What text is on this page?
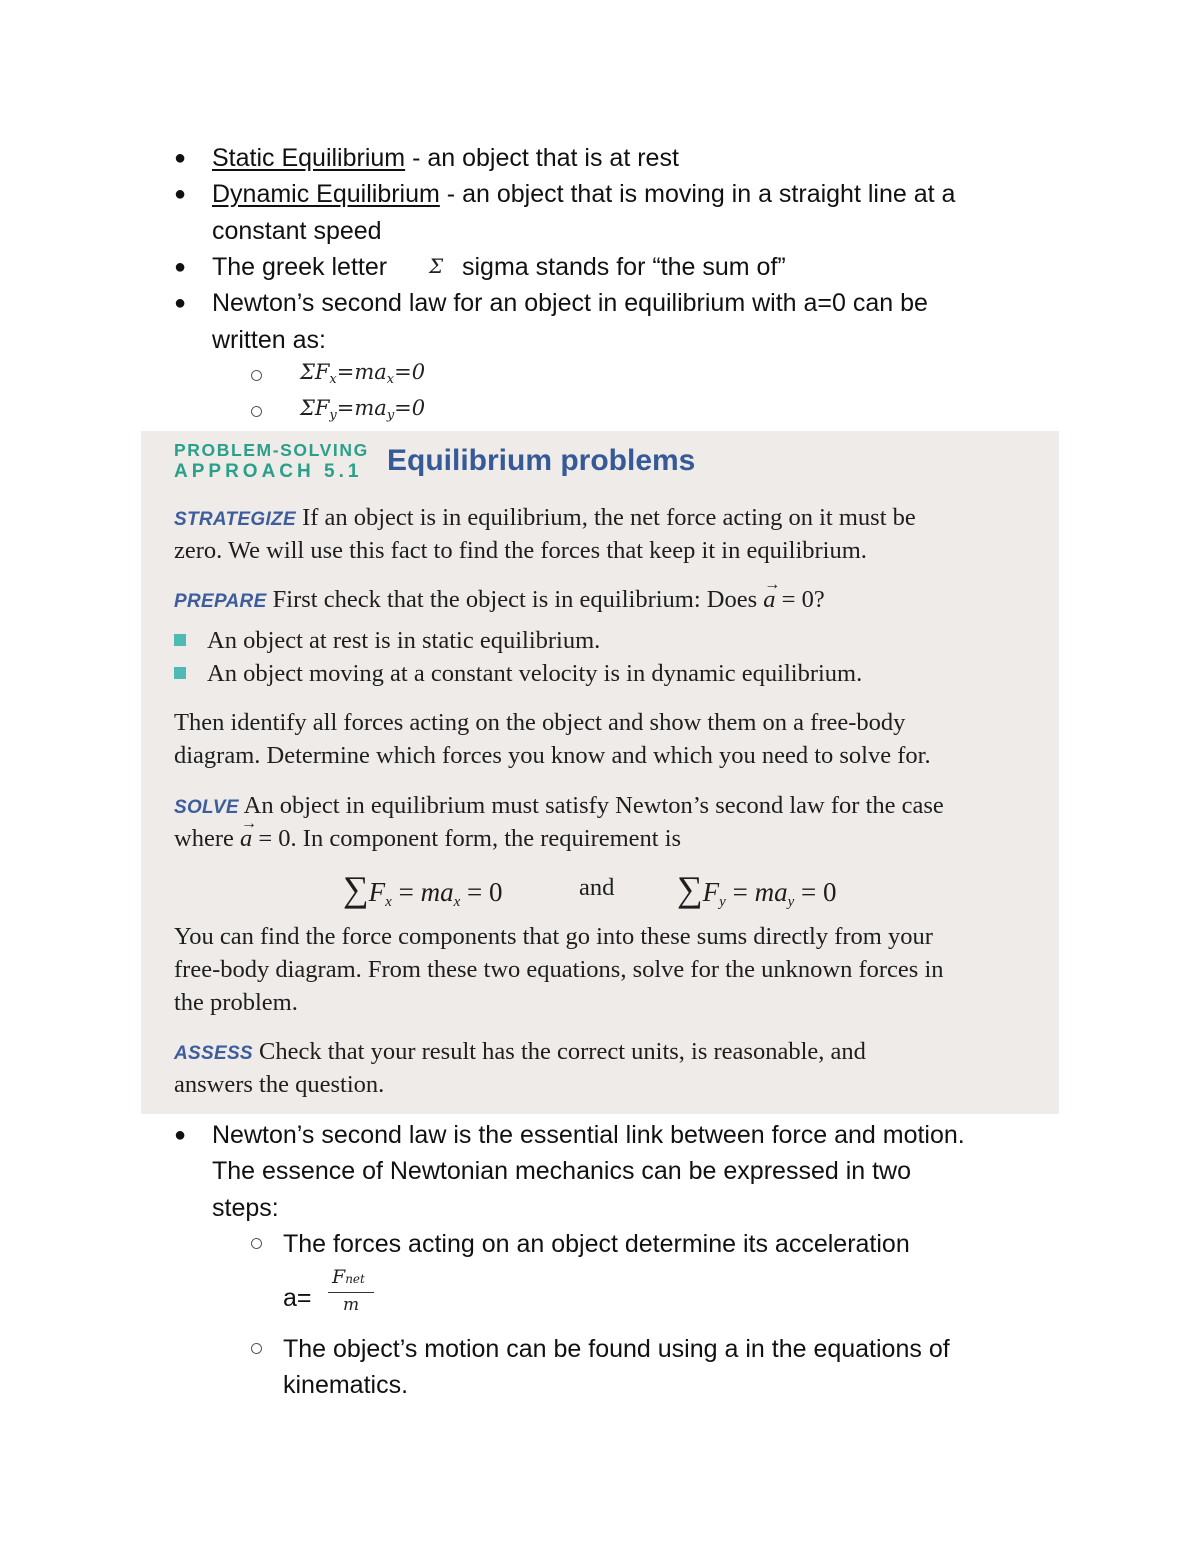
● Static Equilibrium - an object that is at rest
● Dynamic Equilibrium - an object that is moving in a straight line at a
constant speed
● The greek letter Σ sigma stands for “the sum of”
● Newton’s second law for an object in equilibrium with a=0 can be
written as:
$\Sigma F_x=ma_x=0$
$\Sigma F_y=ma_y=0$
PROBLEM-SOLVING
APPROACH 5.1 Equilibrium problems
STRATEGIZE If an object is in equilibrium, the net force acting on it must be
zero. We will use this fact to find the forces that keep it in equilibrium.
PREPARE First check that the object is in equilibrium: Does → a = 0?
An object at rest is in static equilibrium.
An object moving at a constant velocity is in dynamic equilibrium.
Then identify all forces acting on the object and show them on a free-body
diagram. Determine which forces you know and which you need to solve for.
SOLVE An object in equilibrium must satisfy Newton’s second law for the case
where → a = 0. In component form, the requirement is
$\sum F_x = ma_x = 0$	and $\sum F_y = ma_y = 0$
You can find the force components that go into these sums directly from your
free-body diagram. From these two equations, solve for the unknown forces in
the problem.
ASSESS Check that your result has the correct units, is reasonable, and
answers the question.
● Newton’s second law is the essential link between force and motion.
The essence of Newtonian mechanics can be expressed in two
steps:
The forces acting on an object determine its acceleration
a=
Fnet
m
The object’s motion can be found using a in the equations of
kinematics.
